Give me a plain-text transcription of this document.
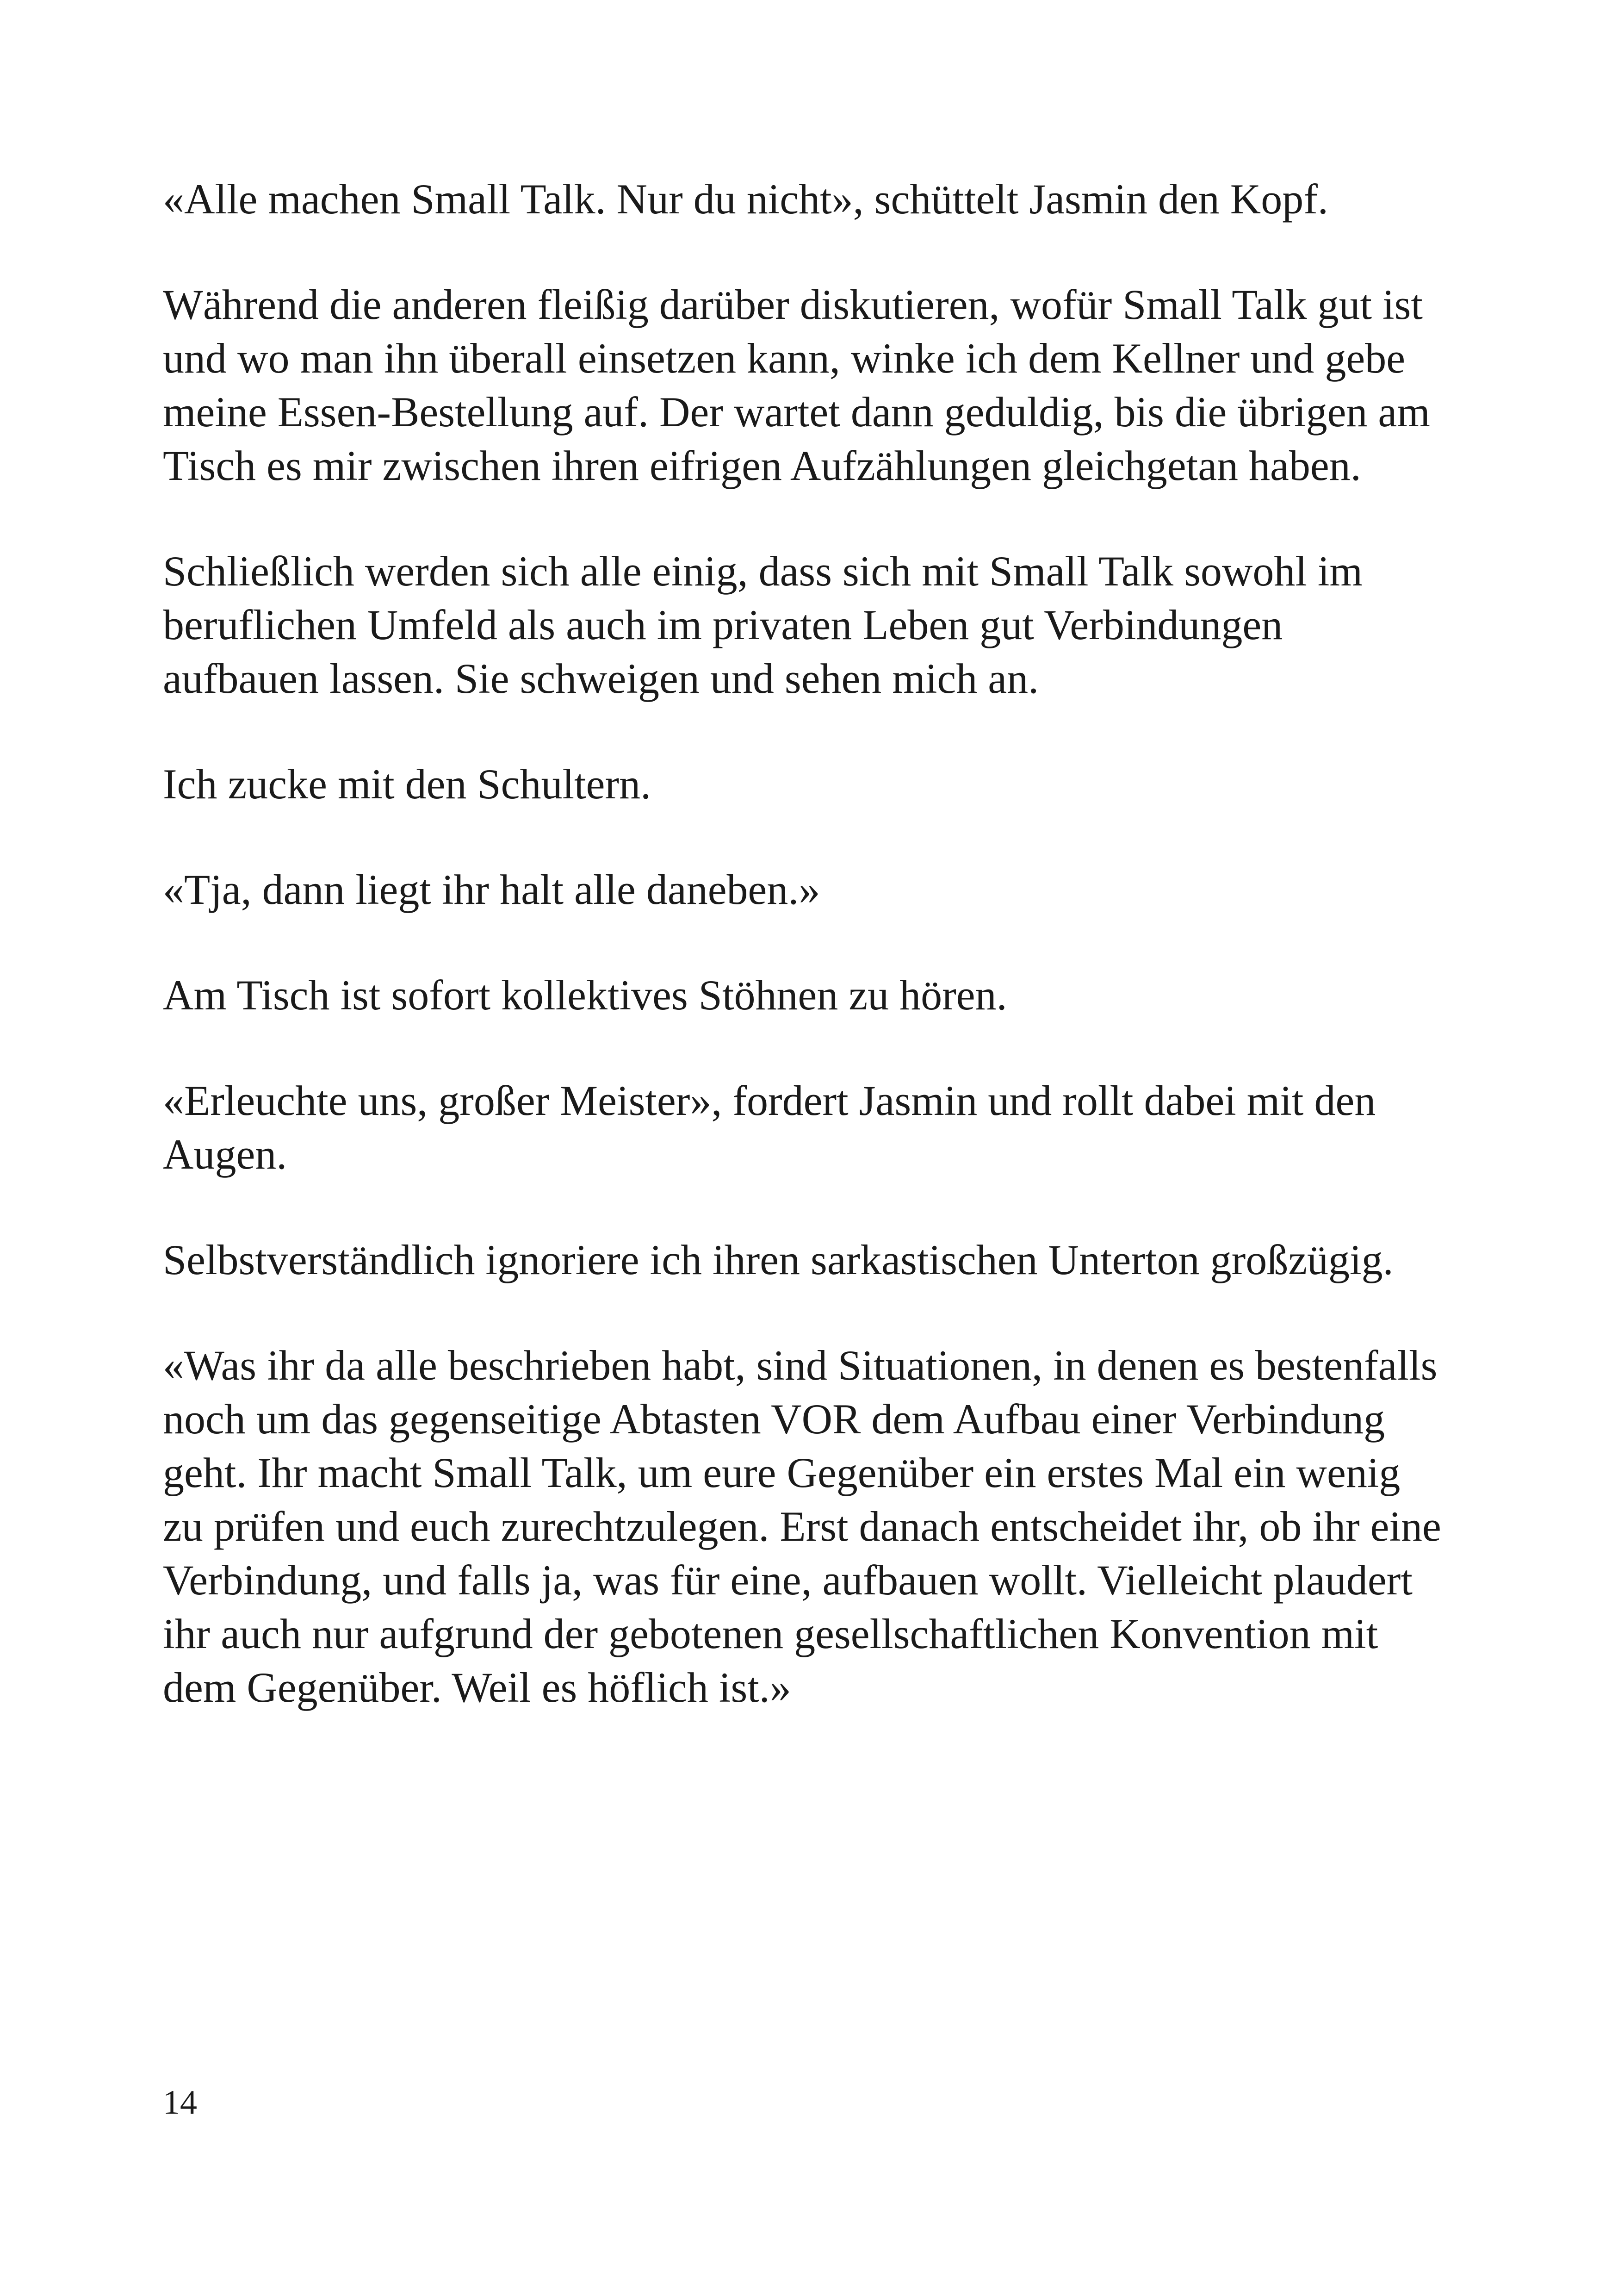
«Alle machen Small Talk. Nur du nicht», schüttelt Jasmin den Kopf.

Während die anderen fleißig darüber diskutieren, wofür Small Talk gut ist und wo man ihn überall einsetzen kann, winke ich dem Kellner und gebe meine Essen-Bestellung auf. Der wartet dann geduldig, bis die übrigen am Tisch es mir zwischen ihren eifrigen Aufzählungen gleichgetan haben.

Schließlich werden sich alle einig, dass sich mit Small Talk sowohl im beruflichen Umfeld als auch im privaten Leben gut Verbindungen aufbauen lassen. Sie schweigen und sehen mich an.

Ich zucke mit den Schultern.

«Tja, dann liegt ihr halt alle daneben.»

Am Tisch ist sofort kollektives Stöhnen zu hören.

«Erleuchte uns, großer Meister», fordert Jasmin und rollt dabei mit den Augen.

Selbstverständlich ignoriere ich ihren sarkastischen Unterton großzügig.

«Was ihr da alle beschrieben habt, sind Situationen, in denen es bestenfalls noch um das gegenseitige Abtasten VOR dem Aufbau einer Verbindung geht. Ihr macht Small Talk, um eure Gegenüber ein erstes Mal ein wenig zu prüfen und euch zurechtzulegen. Erst danach entscheidet ihr, ob ihr eine Verbindung, und falls ja, was für eine, aufbauen wollt. Vielleicht plaudert ihr auch nur aufgrund der gebotenen gesellschaftlichen Konvention mit dem Gegenüber. Weil es höflich ist.»

14
